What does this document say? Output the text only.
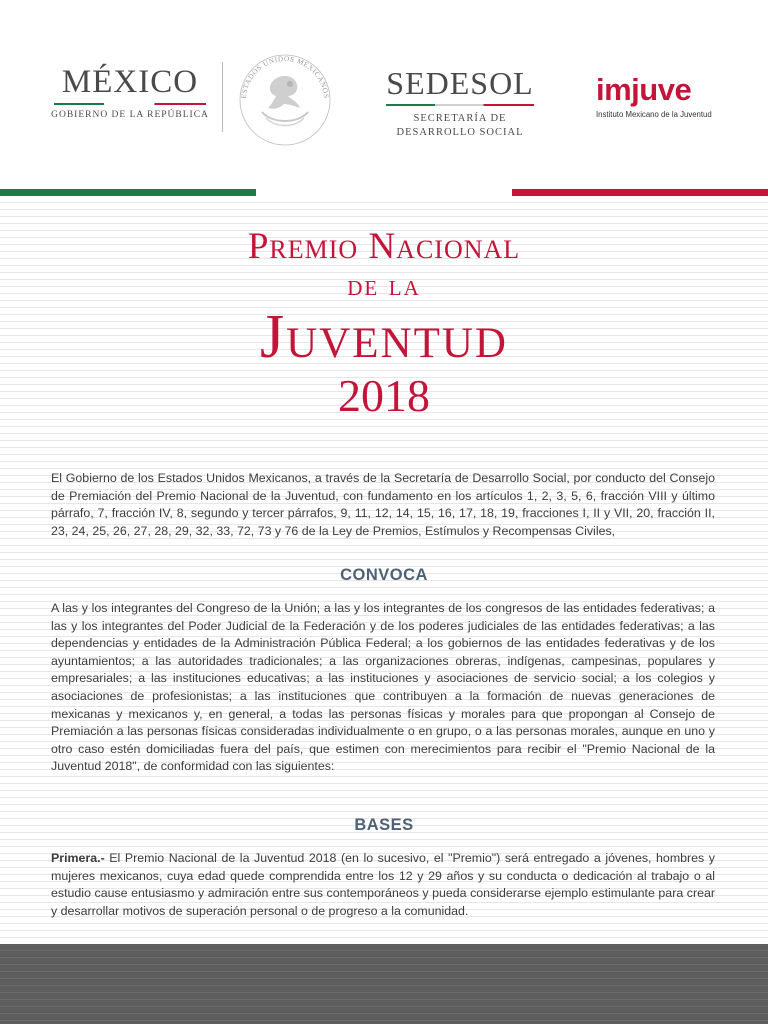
MÉXICO
GOBIERNO DE LA REPÚBLICA
ESTADOS UNIDOS MEXICANOS SEDESOL
SECRETARÍA DE
DESARROLLO SOCIAL
imjuve
Instituto Mexicano de la Juventud
Premio Nacional
de la
Juventud
2018
El Gobierno de los Estados Unidos Mexicanos, a través de la Secretaría de Desarrollo Social, por conducto del Consejo de Premiación del Premio Nacional de la Juventud, con fundamento en los artículos 1, 2, 3, 5, 6, fracción VIII y último párrafo, 7, fracción IV, 8, segundo y tercer párrafos, 9, 11, 12, 14, 15, 16, 17, 18, 19, fracciones I, II y VII, 20, fracción II, 23, 24, 25, 26, 27, 28, 29, 32, 33, 72, 73 y 76 de la Ley de Premios, Estímulos y Recompensas Civiles,
CONVOCA
A las y los integrantes del Congreso de la Unión; a las y los integrantes de los congresos de las entidades federativas; a las y los integrantes del Poder Judicial de la Federación y de los poderes judiciales de las entidades federativas; a las dependencias y entidades de la Administración Pública Federal; a los gobiernos de las entidades federativas y de los ayuntamientos; a las autoridades tradicionales; a las organizaciones obreras, indígenas, campesinas, populares y empresariales; a las instituciones educativas; a las instituciones y asociaciones de servicio social; a los colegios y asociaciones de profesionistas; a las instituciones que contribuyen a la formación de nuevas generaciones de mexicanas y mexicanos y, en general, a todas las personas físicas y morales para que propongan al Consejo de Premiación a las personas físicas consideradas individualmente o en grupo, o a las personas morales, aunque en uno y otro caso estén domiciliadas fuera del país, que estimen con merecimientos para recibir el "Premio Nacional de la Juventud 2018", de conformidad con las siguientes:
BASES
Primera.- El Premio Nacional de la Juventud 2018 (en lo sucesivo, el "Premio") será entregado a jóvenes, hombres y mujeres mexicanos, cuya edad quede comprendida entre los 12 y 29 años y su conducta o dedicación al trabajo o al estudio cause entusiasmo y admiración entre sus contemporáneos y pueda considerarse ejemplo estimulante para crear y desarrollar motivos de superación personal o de progreso a la comunidad.
